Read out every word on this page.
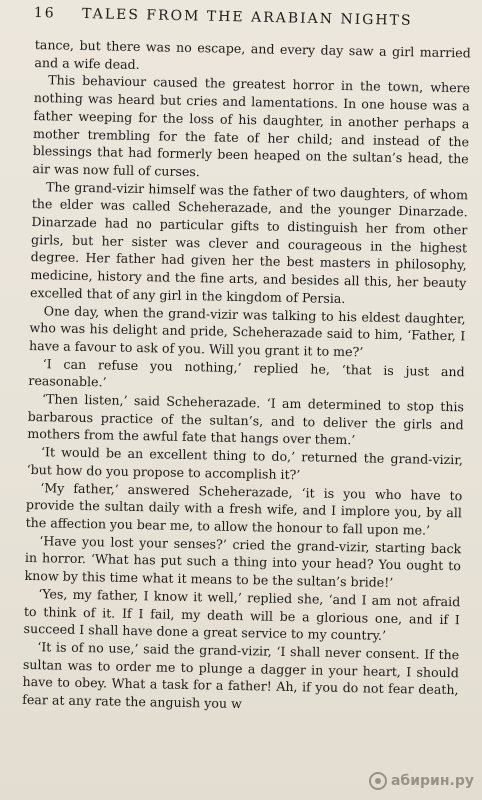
16 TALES FROM THE ARABIAN NIGHTS

tance, but there was no escape, and every day saw a girl married and a wife dead.

This behaviour caused the greatest horror in the town, where nothing was heard but cries and lamentations. In one house was a father weeping for the loss of his daughter, in another perhaps a mother trembling for the fate of her child; and instead of the blessings that had formerly been heaped on the sultan’s head, the air was now full of curses.

The grand-vizir himself was the father of two daughters, of whom the elder was called Scheherazade, and the younger Dinarzade. Dinarzade had no particular gifts to distinguish her from other girls, but her sister was clever and courageous in the highest degree. Her father had given her the best masters in philosophy, medicine, history and the fine arts, and besides all this, her beauty excelled that of any girl in the kingdom of Persia.

One day, when the grand-vizir was talking to his eldest daughter, who was his delight and pride, Scheherazade said to him, ‘Father, I have a favour to ask of you. Will you grant it to me?’

‘I can refuse you nothing,’ replied he, ‘that is just and reasonable.’

‘Then listen,’ said Scheherazade. ‘I am determined to stop this barbarous practice of the sultan’s, and to deliver the girls and mothers from the awful fate that hangs over them.’

‘It would be an excellent thing to do,’ returned the grand-vizir, ‘but how do you propose to accomplish it?’

‘My father,’ answered Scheherazade, ‘it is you who have to provide the sultan daily with a fresh wife, and I implore you, by all the affection you bear me, to allow the honour to fall upon me.’

‘Have you lost your senses?’ cried the grand-vizir, starting back in horror. ‘What has put such a thing into your head? You ought to know by this time what it means to be the sultan’s bride!’

‘Yes, my father, I know it well,’ replied she, ‘and I am not afraid to think of it. If I fail, my death will be a glorious one, and if I succeed I shall have done a great service to my country.’

‘It is of no use,’ said the grand-vizir, ‘I shall never consent. If the sultan was to order me to plunge a dagger in your heart, I should have to obey. What a task for a father! Ah, if you do not fear death, fear at any rate the anguish you w

абирин.ру
